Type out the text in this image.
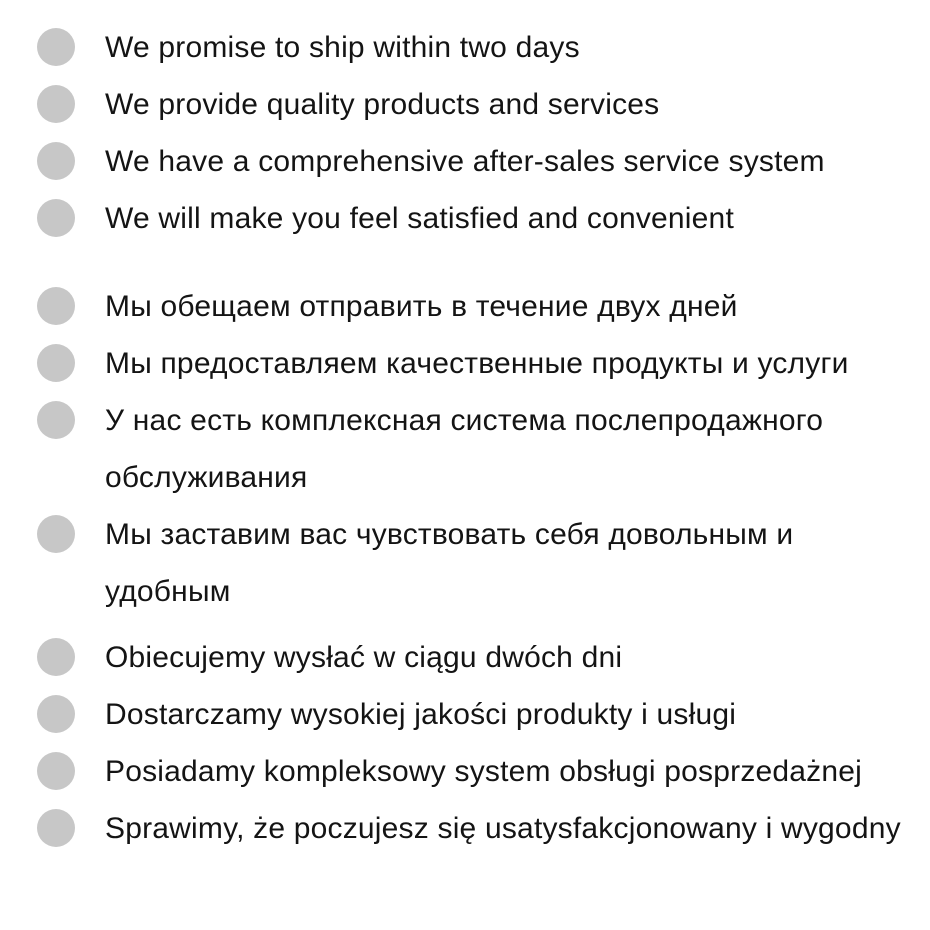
We promise to ship within two days
We provide quality products and services
We have a comprehensive after-sales service system
We will make you feel satisfied and convenient
Мы обещаем отправить в течение двух дней
Мы предоставляем качественные продукты и услуги
У нас есть комплексная система послепродажного обслуживания
Мы заставим вас чувствовать себя довольным и удобным
Obiecujemy wysłać w ciągu dwóch dni
Dostarczamy wysokiej jakości produkty i usługi
Posiadamy kompleksowy system obsługi posprzedażnej
Sprawimy, że poczujesz się usatysfakcjonowany i wygodny
